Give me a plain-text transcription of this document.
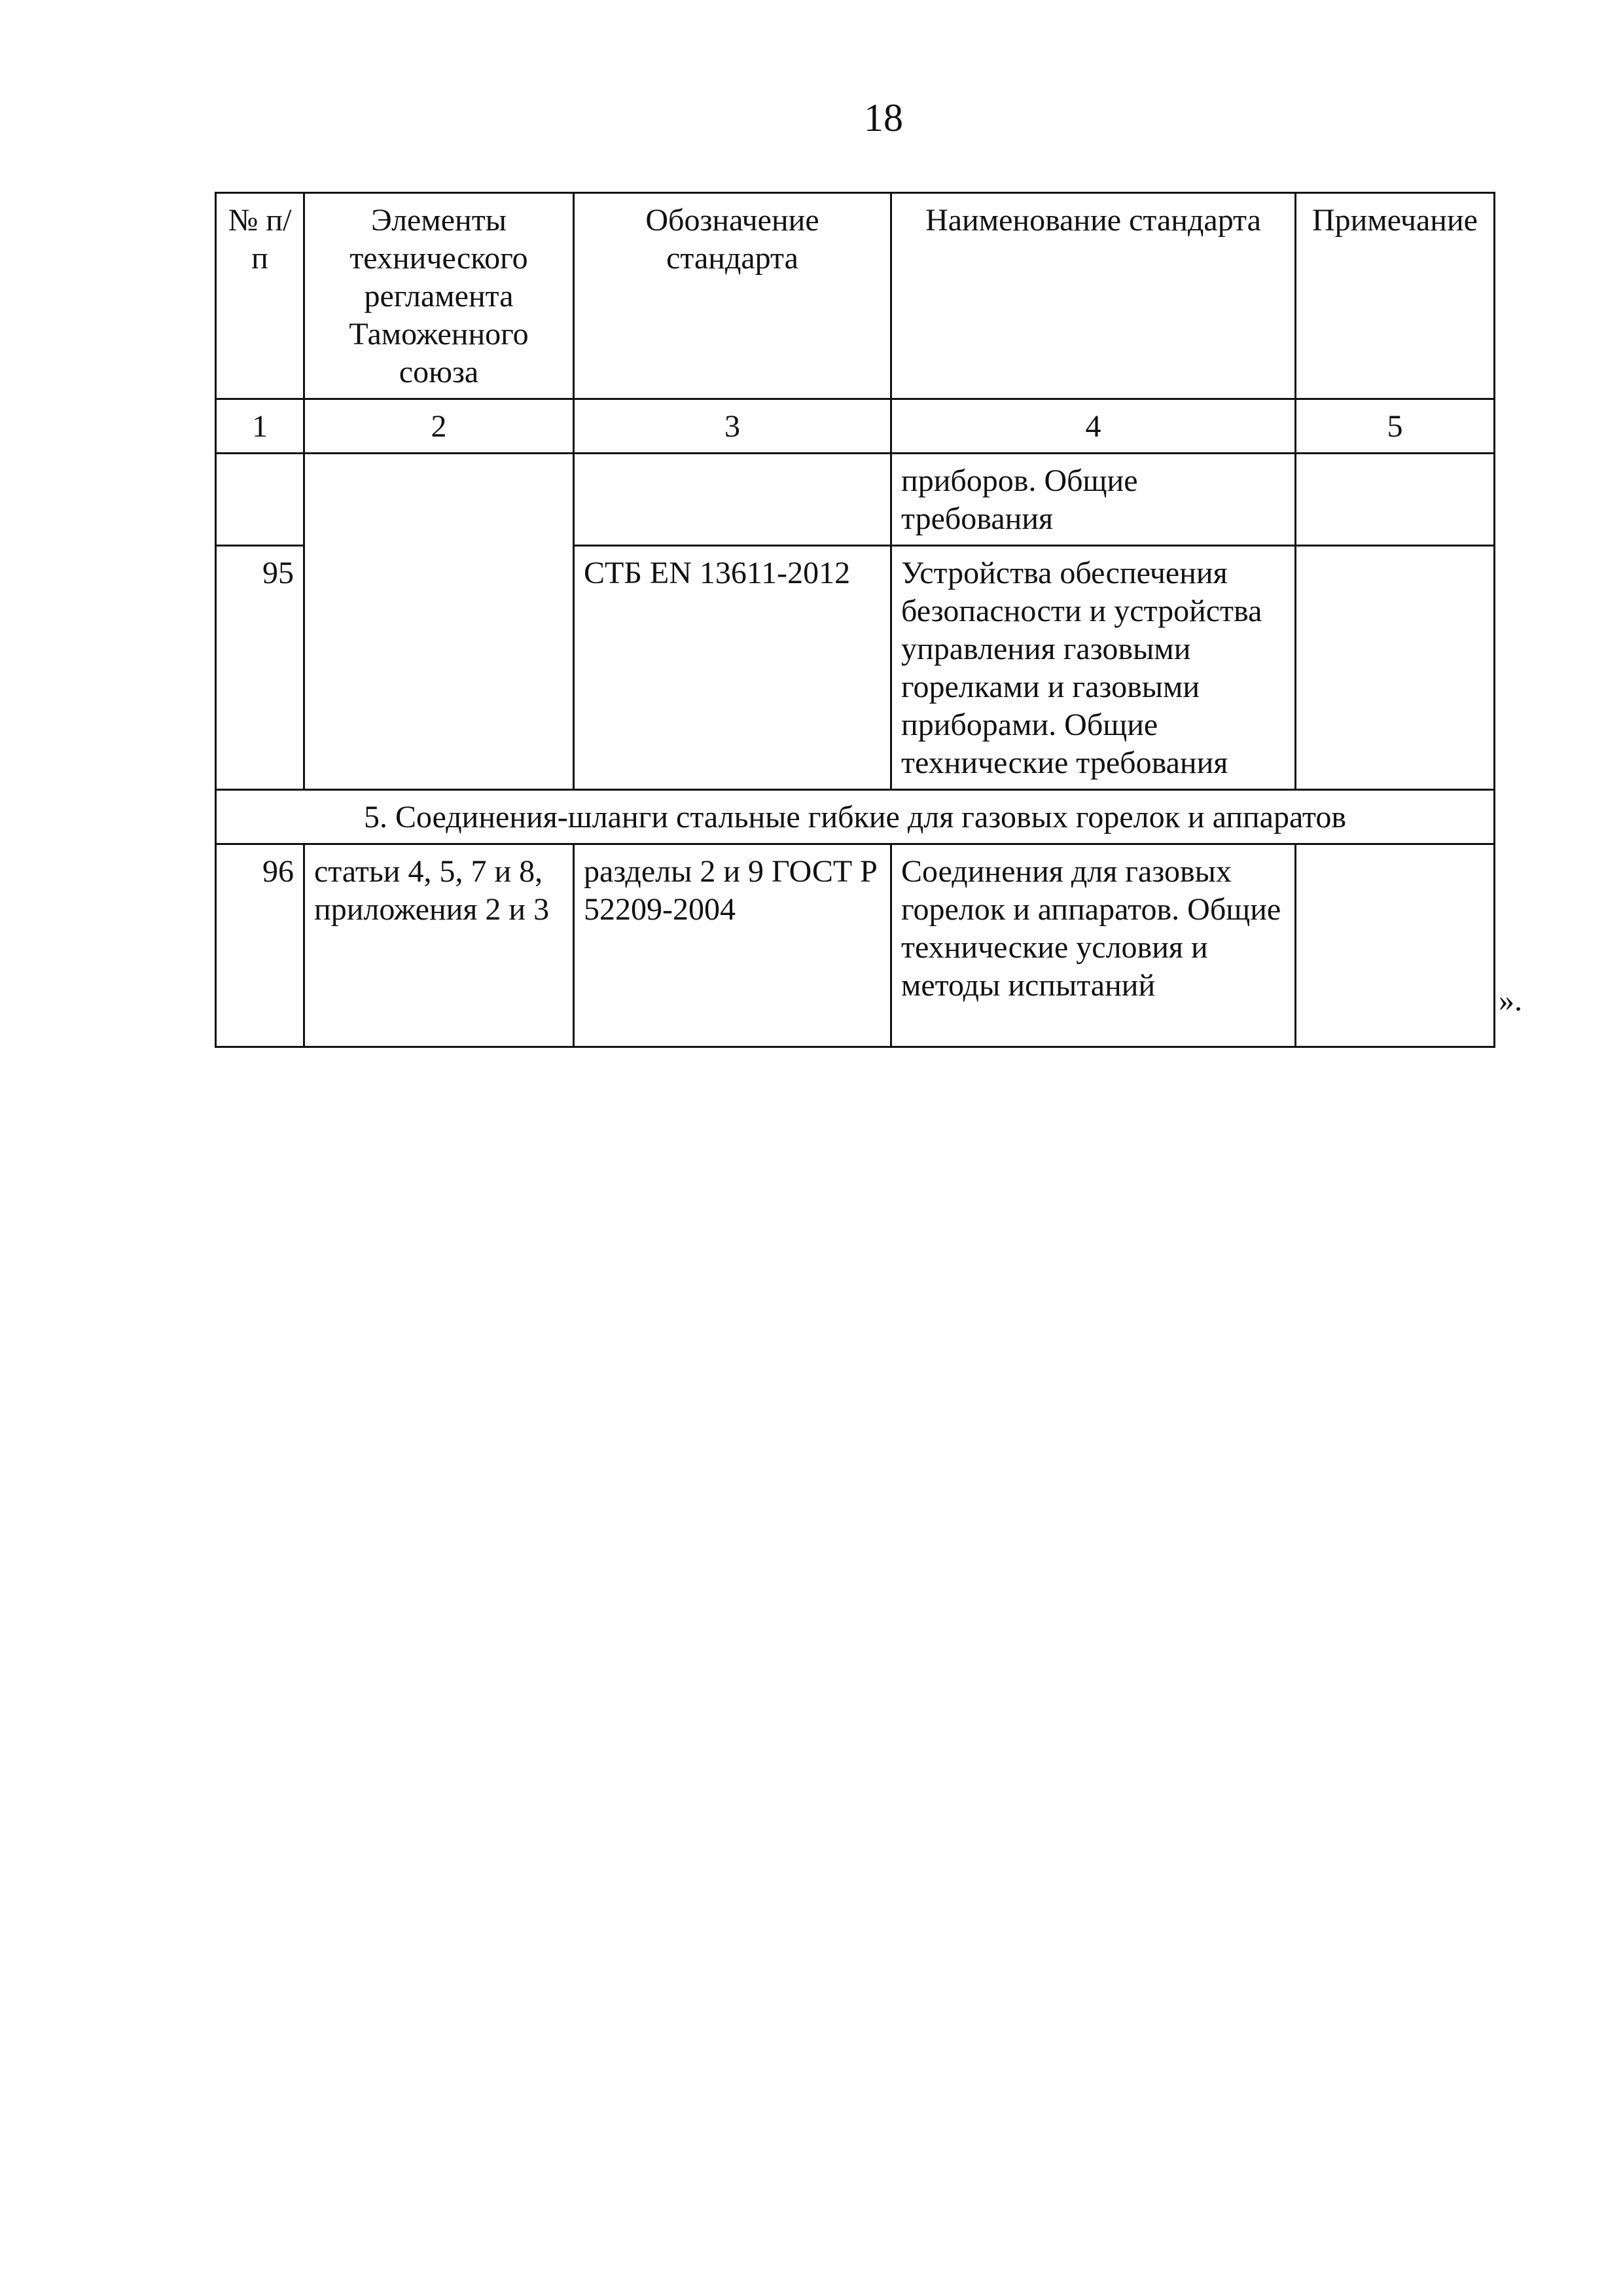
18
№ п/п	Элементы технического регламента Таможенного союза	Обозначение стандарта	Наименование стандарта	Примечание
1	2	3	4	5
			приборов. Общие требования	
95		СТБ EN 13611-2012	Устройства обеспечения безопасности и устройства управления газовыми горелками и газовыми приборами. Общие технические требования	
5. Соединения-шланги стальные гибкие для газовых горелок и аппаратов				
96	статьи 4, 5, 7 и 8, приложения 2 и 3	разделы 2 и 9 ГОСТ Р 52209-2004	Соединения для газовых горелок и аппаратов. Общие технические условия и методы испытаний		».
